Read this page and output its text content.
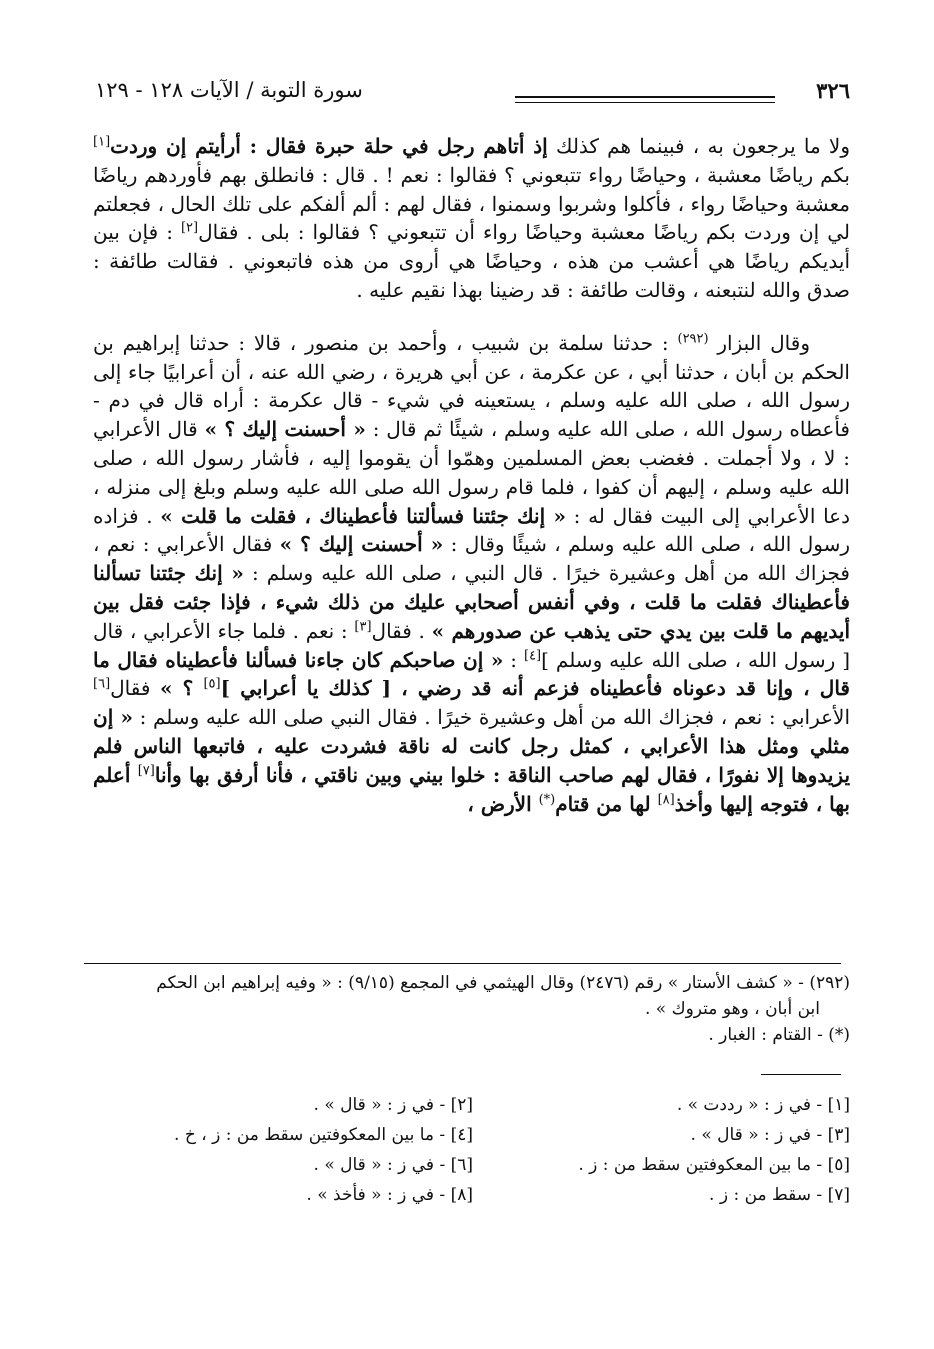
٣٢٦
سورة التوبة / الآيات ١٢٨ - ١٢٩

ولا ما يرجعون به ، فبينما هم كذلك إذ أتاهم رجل في حلة حبرة فقال : أرأيتم إن وردت[١] بكم رياضًا معشبة ، وحياضًا رواء تتبعوني ؟ فقالوا : نعم ! . قال : فانطلق بهم فأوردهم رياضًا معشبة وحياضًا رواء ، فأكلوا وشربوا وسمنوا ، فقال لهم : ألم ألفكم على تلك الحال ، فجعلتم لي إن وردت بكم رياضًا معشبة وحياضًا رواء أن تتبعوني ؟ فقالوا : بلى . فقال[٢] : فإن بين أيديكم رياضًا هي أعشب من هذه ، وحياضًا هي أروى من هذه فاتبعوني . فقالت طائفة : صدق والله لنتبعنه ، وقالت طائفة : قد رضينا بهذا نقيم عليه .

وقال البزار $^{(٢٩٢)}$ : حدثنا سلمة بن شبيب ، وأحمد بن منصور ، قالا : حدثنا إبراهيم بن الحكم بن أبان ، حدثنا أبي ، عن عكرمة ، عن أبي هريرة ، رضي الله عنه ، أن أعرابيًا جاء إلى رسول الله ، صلى الله عليه وسلم ، يستعينه في شيء - قال عكرمة : أراه قال في دم - فأعطاه رسول الله ، صلى الله عليه وسلم ، شيئًا ثم قال : « أحسنت إليك ؟ » قال الأعرابي : لا ، ولا أجملت . فغضب بعض المسلمين وهمّوا أن يقوموا إليه ، فأشار رسول الله ، صلى الله عليه وسلم ، إليهم أن كفوا ، فلما قام رسول الله صلى الله عليه وسلم وبلغ إلى منزله ، دعا الأعرابي إلى البيت فقال له : « إنك جئتنا فسألتنا فأعطيناك ، فقلت ما قلت » . فزاده رسول الله ، صلى الله عليه وسلم ، شيئًا وقال : « أحسنت إليك ؟ » فقال الأعرابي : نعم ، فجزاك الله من أهل وعشيرة خيرًا . قال النبي ، صلى الله عليه وسلم : « إنك جئتنا تسألنا فأعطيناك فقلت ما قلت ، وفي أنفس أصحابي عليك من ذلك شيء ، فإذا جئت فقل بين أيديهم ما قلت بين يدي حتى يذهب عن صدورهم » . فقال[٣] : نعم . فلما جاء الأعرابي ، قال [ رسول الله ، صلى الله عليه وسلم ][٤] : « إن صاحبكم كان جاءنا فسألنا فأعطيناه فقال ما قال ، وإنا قد دعوناه فأعطيناه فزعم أنه قد رضي ، [ كذلك يا أعرابي ][٥] ؟ » فقال[٦] الأعرابي : نعم ، فجزاك الله من أهل وعشيرة خيرًا . فقال النبي صلى الله عليه وسلم : « إن مثلي ومثل هذا الأعرابي ، كمثل رجل كانت له ناقة فشردت عليه ، فاتبعها الناس فلم يزيدوها إلا نفورًا ، فقال لهم صاحب الناقة : خلوا بيني وبين ناقتي ، فأنا أرفق بها وأنا[٧] أعلم بها ، فتوجه إليها وأخذ[٨] لها من قتام(*) الأرض ،

(٢٩٢) - « كشف الأستار » رقم (٢٤٧٦) وقال الهيثمي في المجمع (٩/١٥) : « وفيه إبراهيم ابن الحكم

ابن أبان ، وهو متروك » .

(*) - القتام : الغبار .

[١] - في ز : « رددت » .
[٢] - في ز : « قال » .
[٣] - في ز : « قال » .
[٤] - ما بين المعكوفتين سقط من : ز ، خ .
[٥] - ما بين المعكوفتين سقط من : ز .
[٦] - في ز : « قال » .
[٧] - سقط من : ز .
[٨] - في ز : « فأخذ » .
